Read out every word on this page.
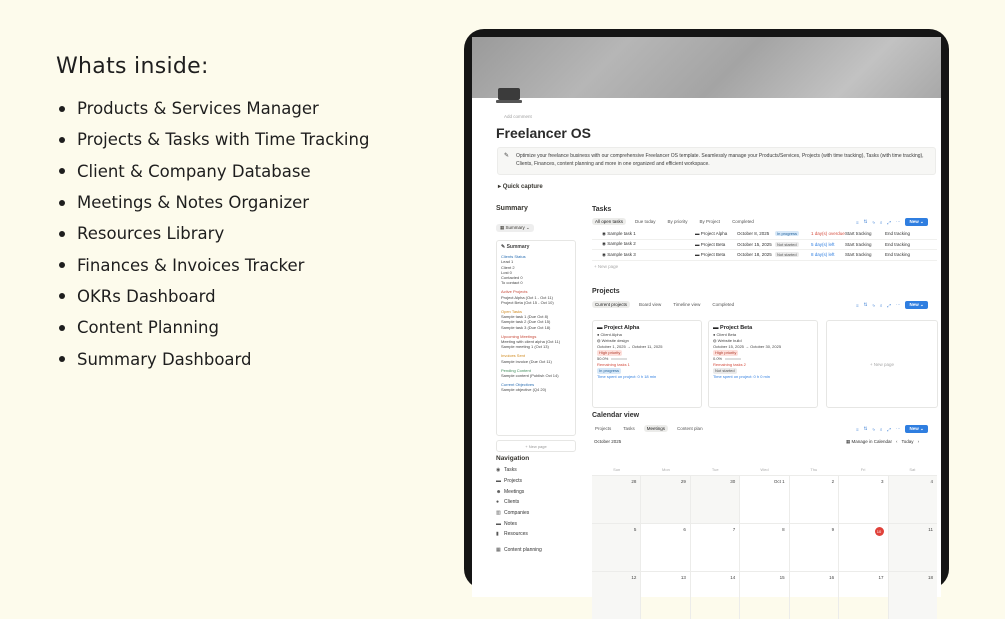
Whats inside:
Products & Services Manager
Projects & Tasks with Time Tracking
Client & Company Database
Meetings & Notes Organizer
Resources Library
Finances & Invoices Tracker
OKRs Dashboard
Content Planning
Summary Dashboard
Add comment
Freelancer OS
✎ Optimize your freelance business with our comprehensive Freelancer OS template. Seamlessly manage your Products/Services, Projects (with time tracking), Tasks (with time tracking), Clients, Finances, content planning and more in one organized and efficient workspace.
▸ Quick capture
Summary
▦ Summary ⌄
✎ Summary
Clients Status
Lead 1
Client 2
Lost 0
Contacted 0
To contact 0
Active Projects
Project Alpha (Oct 1 - Oct 11)
Project Beta (Oct 15 - Oct 10)
Open Tasks
Sample task 1 (Due Oct 8)
Sample task 2 (Due Oct 15)
Sample task 3 (Due Oct 18)
Upcoming Meetings
Meeting with client alpha (Oct 11)
Sample meeting 1 (Oct 13)
Invoices Sent
Sample invoice (Due Oct 11)
Pending Content
Sample content (Publish Oct 14)
Current Objectives
Sample objective (Q4 20)
+ New page
Navigation
◉ Tasks
▬ Projects
☻ Meetings
● Clients
▥ Companies
▬ Notes
▮	Resources
▦ Content planning
Tasks
All open tasks	Due today	By priority	By Project	Completed	≡ ⇅ ϟ ⌕ ⤢ ⋯	New ⌄
◉ Sample task 1	▬ Project Alpha	October 8, 2025	In progress	1 day(s) overdue Start tracking	End tracking
◉ Sample task 2	▬ Project Beta	October 15, 2025	Not started	5 day(s) left	Start tracking	End tracking
◉ Sample task 3	▬ Project Beta	October 18, 2025	Not started	8 day(s) left	Start tracking	End tracking
+ New page
Projects
Current projects	Board view	Timeline view	Completed	≡ ⇅ ϟ ⌕ ⤢ ⋯	New ⌄
▬ Project Alpha
● Client Alpha
◍ Website design
October 1, 2025 → October 11, 2025
High priority
50.0%
Remaining tasks 1
In progress
Time spent on project: 0 h 18 min
▬ Project Beta
● Client Beta
◍ Website build
October 15, 2025 → October 30, 2025
High priority
0.0%
Remaining tasks 2
Not started
Time spent on project: 0 h 0 min
+ New page
Calendar view
Projects	Tasks	Meetings	Content plan	≡ ⇅ ϟ ⌕ ⤢ ⋯	New ⌄
October 2025	▦ Manage in Calendar ‹ Today ›
Sun	Mon	Tue	Wed	Thu	Fri	Sat
28	29	30	Oct 1	2	3	4
5	6	7	8	9	10	11
12	13	14	15	16	17	18
